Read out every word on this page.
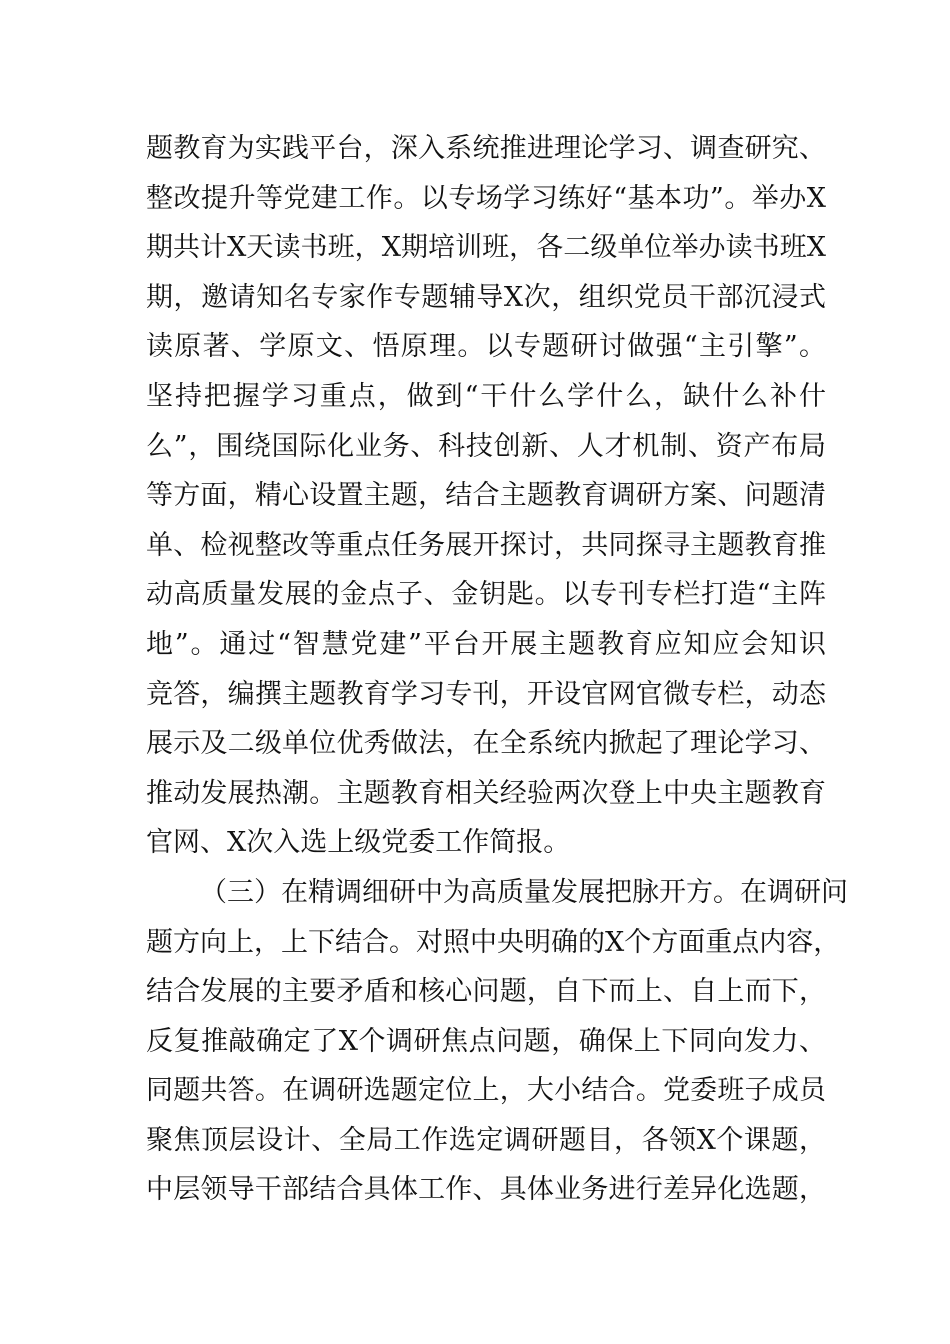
题教育为实践平台，深入系统推进理论学习、调查研究、
整改提升等党建工作。以专场学习练好“基本功”。举办X
期共计X天读书班，X期培训班，各二级单位举办读书班X
期，邀请知名专家作专题辅导X次，组织党员干部沉浸式
读原著、学原文、悟原理。以专题研讨做强“主引擎”。
坚持把握学习重点，做到“干什么学什么，缺什么补什
么”，围绕国际化业务、科技创新、人才机制、资产布局
等方面，精心设置主题，结合主题教育调研方案、问题清
单、检视整改等重点任务展开探讨，共同探寻主题教育推
动高质量发展的金点子、金钥匙。以专刊专栏打造“主阵
地”。通过“智慧党建”平台开展主题教育应知应会知识
竞答，编撰主题教育学习专刊，开设官网官微专栏，动态
展示及二级单位优秀做法，在全系统内掀起了理论学习、
推动发展热潮。主题教育相关经验两次登上中央主题教育
官网、X次入选上级党委工作简报。
（三）在精调细研中为高质量发展把脉开方。在调研问
题方向上，上下结合。对照中央明确的X个方面重点内容，
结合发展的主要矛盾和核心问题，自下而上、自上而下，
反复推敲确定了X个调研焦点问题，确保上下同向发力、
同题共答。在调研选题定位上，大小结合。党委班子成员
聚焦顶层设计、全局工作选定调研题目，各领X个课题，
中层领导干部结合具体工作、具体业务进行差异化选题，
